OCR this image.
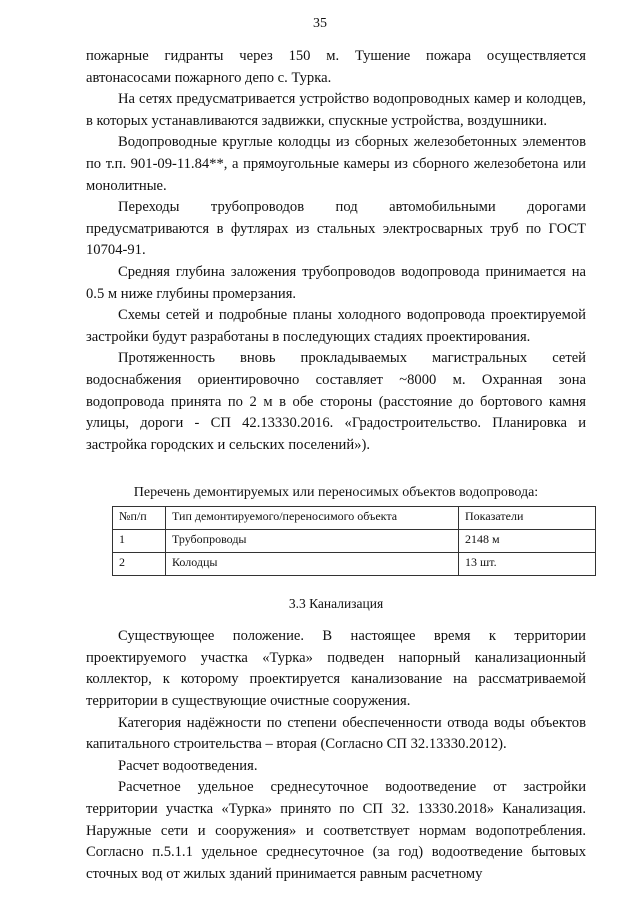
35

пожарные гидранты через 150 м. Тушение пожара осуществляется автонасосами пожарного депо с. Турка.

На сетях предусматривается устройство водопроводных камер и колодцев, в которых устанавливаются задвижки, спускные устройства, воздушники.

Водопроводные круглые колодцы из сборных железобетонных элементов по т.п. 901-09-11.84**, а прямоугольные камеры из сборного железобетона или монолитные.

Переходы трубопроводов под автомобильными дорогами предусматриваются в футлярах из стальных электросварных труб по ГОСТ 10704-91.

Средняя глубина заложения трубопроводов водопровода принимается на 0.5 м ниже глубины промерзания.

Схемы сетей и подробные планы холодного водопровода проектируемой застройки будут разработаны в последующих стадиях проектирования.

Протяженность вновь прокладываемых магистральных сетей водоснабжения ориентировочно составляет ~8000 м. Охранная зона водопровода принята по 2 м в обе стороны (расстояние до бортового камня улицы, дороги - СП 42.13330.2016. «Градостроительство. Планировка и застройка городских и сельских поселений»).

Перечень демонтируемых или переносимых объектов водопровода:
№п/п	Тип демонтируемого/переносимого объекта	Показатели
1	Трубопроводы	2148 м
2	Колодцы	13 шт.
3.3 Канализация

Существующее положение. В настоящее время к территории проектируемого участка «Турка» подведен напорный канализационный коллектор, к которому проектируется канализование на рассматриваемой территории в существующие очистные сооружения.

Категория надёжности по степени обеспеченности отвода воды объектов капитального строительства – вторая (Согласно СП 32.13330.2012).

Расчет водоотведения.

Расчетное удельное среднесуточное водоотведение от застройки территории участка «Турка» принято по СП 32. 13330.2018» Канализация. Наружные сети и сооружения» и соответствует нормам водопотребления. Согласно п.5.1.1 удельное среднесуточное (за год) водоотведение бытовых сточных вод от жилых зданий принимается равным расчетному
